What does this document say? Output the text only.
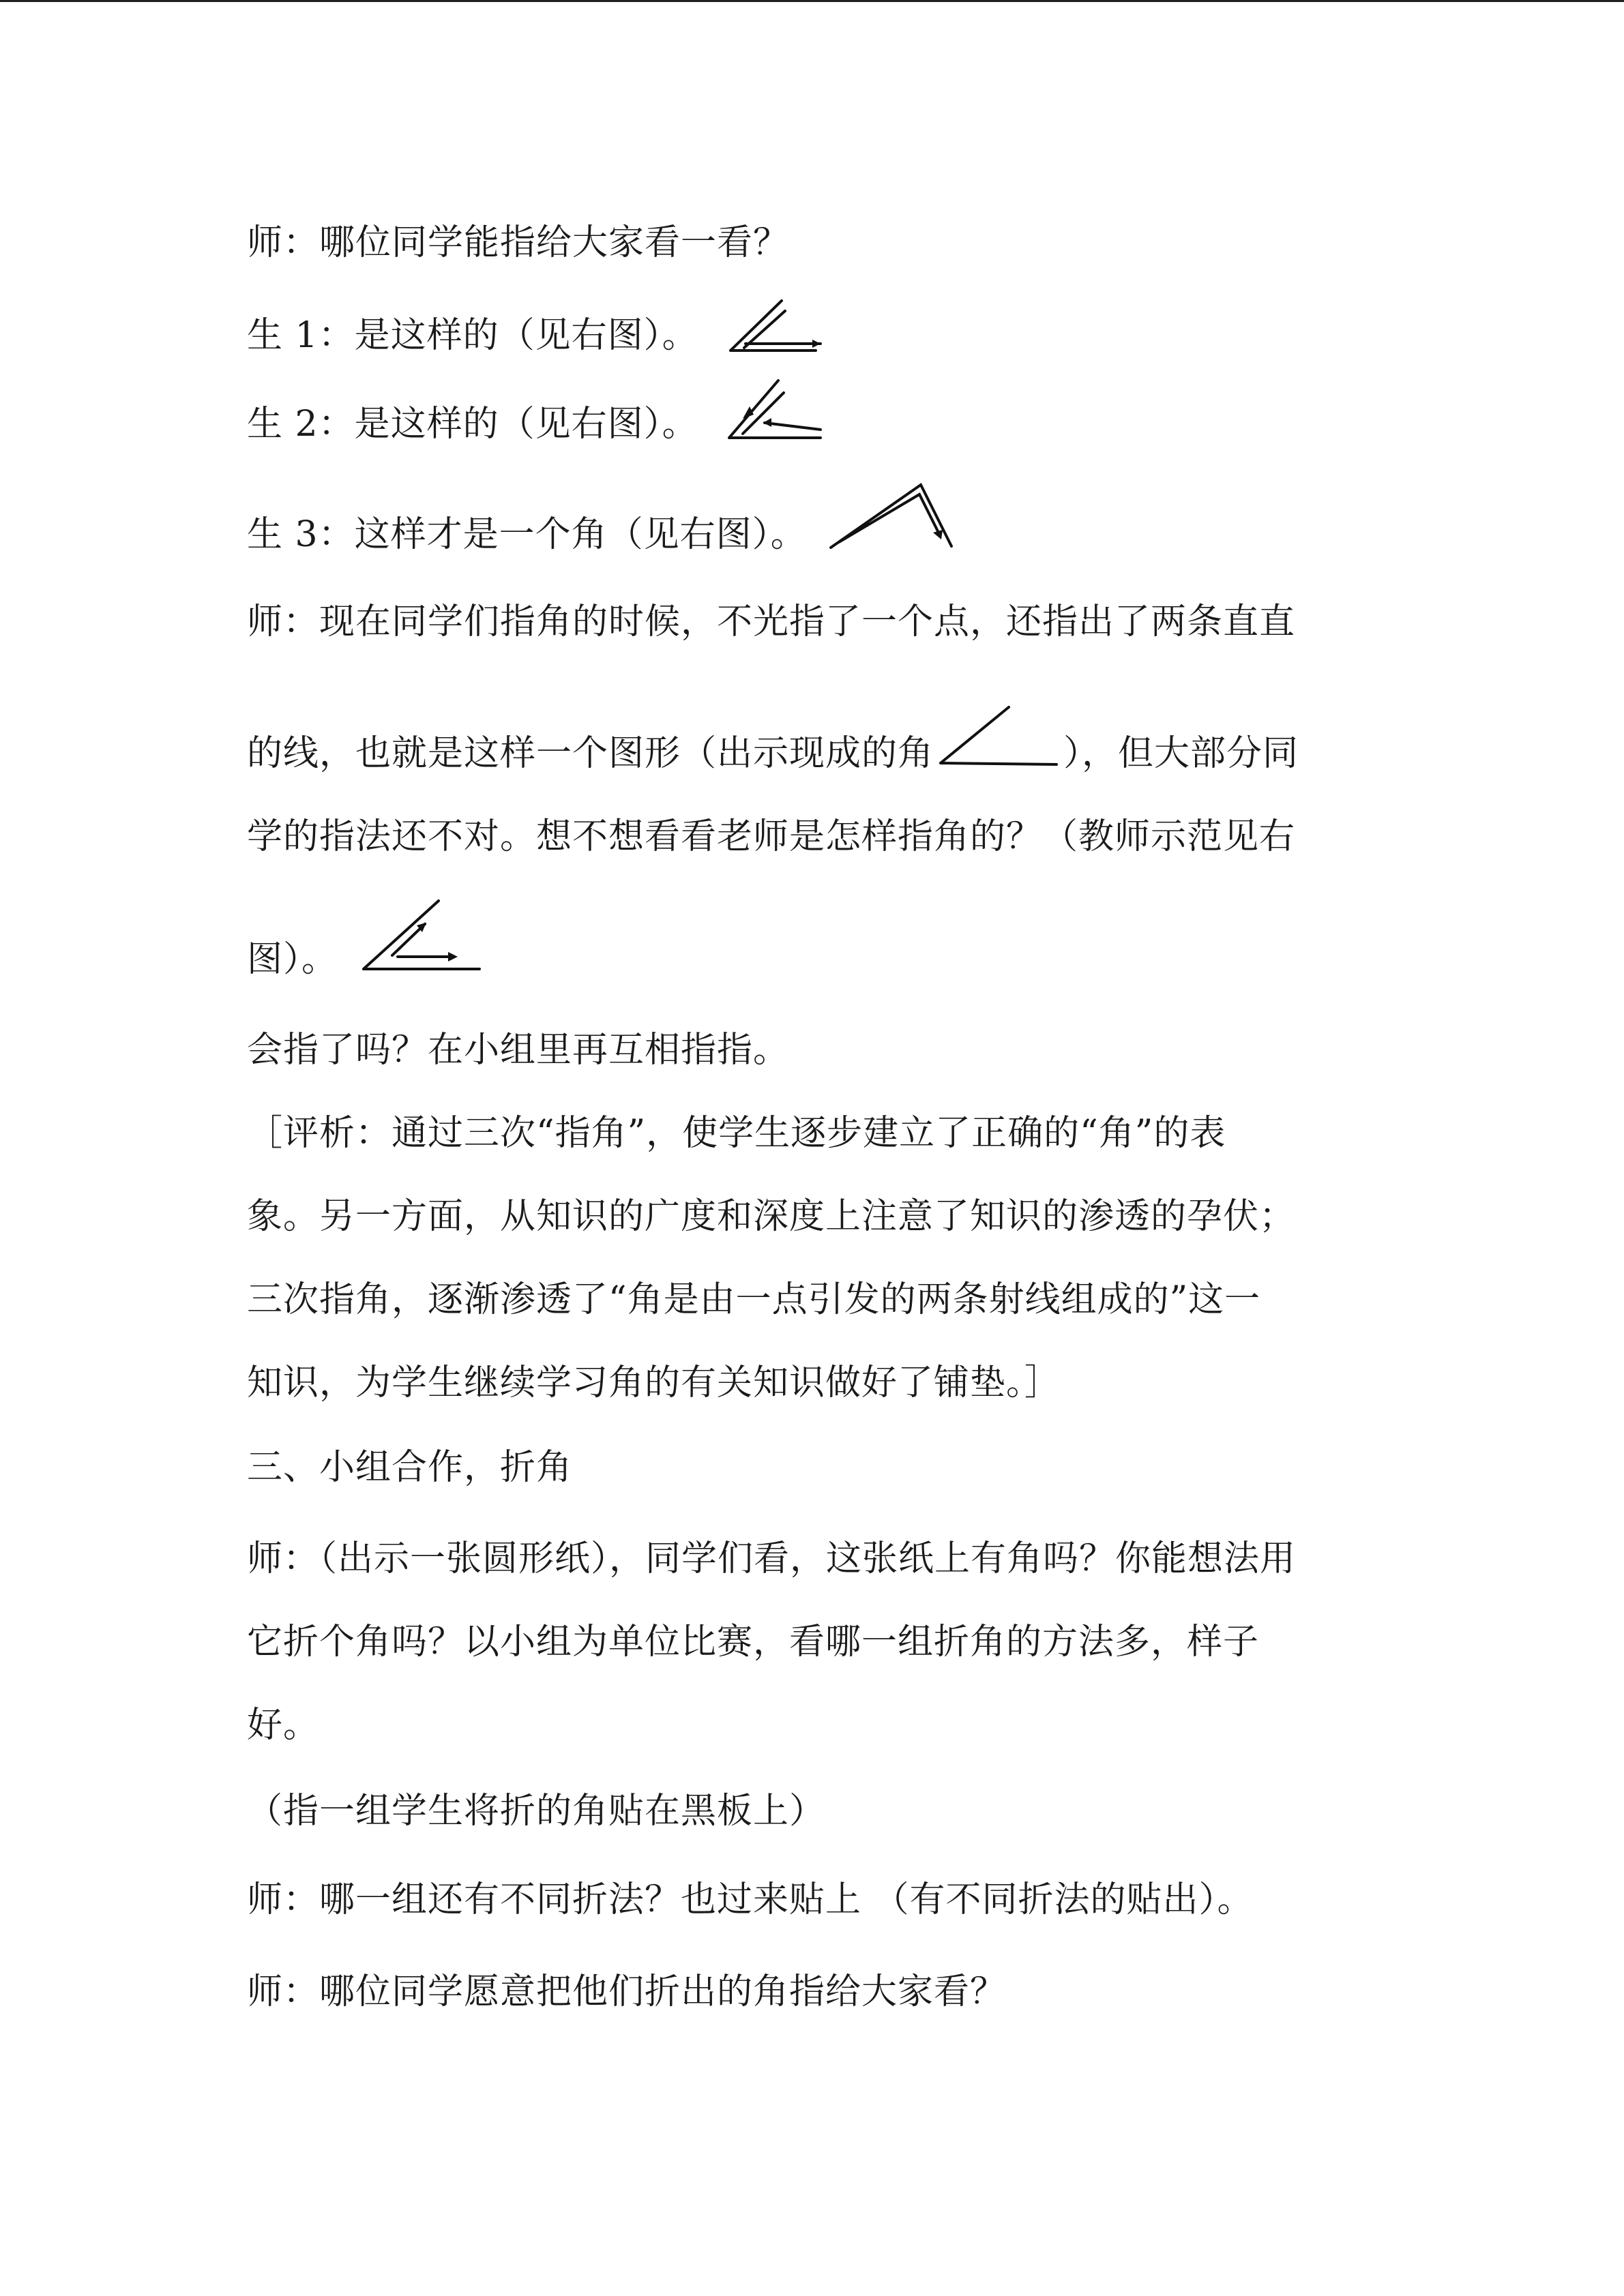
师：哪位同学能指给大家看一看？
生 1：是这样的（见右图）。
生 2：是这样的（见右图）。
生 3：这样才是一个角（见右图）。
师：现在同学们指角的时候，不光指了一个点，还指出了两条直直
的线，也就是这样一个图形（出示现成的角	），但大部分同
学的指法还不对。想不想看看老师是怎样指角的？（教师示范见右
图）。
会指了吗？在小组里再互相指指。
［评析：通过三次“指角”，使学生逐步建立了正确的“角”的表
象。另一方面，从知识的广度和深度上注意了知识的渗透的孕伏；
三次指角，逐渐渗透了“角是由一点引发的两条射线组成的”这一
知识，为学生继续学习角的有关知识做好了铺垫。］
三、小组合作，折角
师：（出示一张圆形纸），同学们看，这张纸上有角吗？你能想法用
它折个角吗？以小组为单位比赛，看哪一组折角的方法多，样子
好。
（指一组学生将折的角贴在黑板上）
师：哪一组还有不同折法？也过来贴上 （有不同折法的贴出）。
师：哪位同学愿意把他们折出的角指给大家看？
